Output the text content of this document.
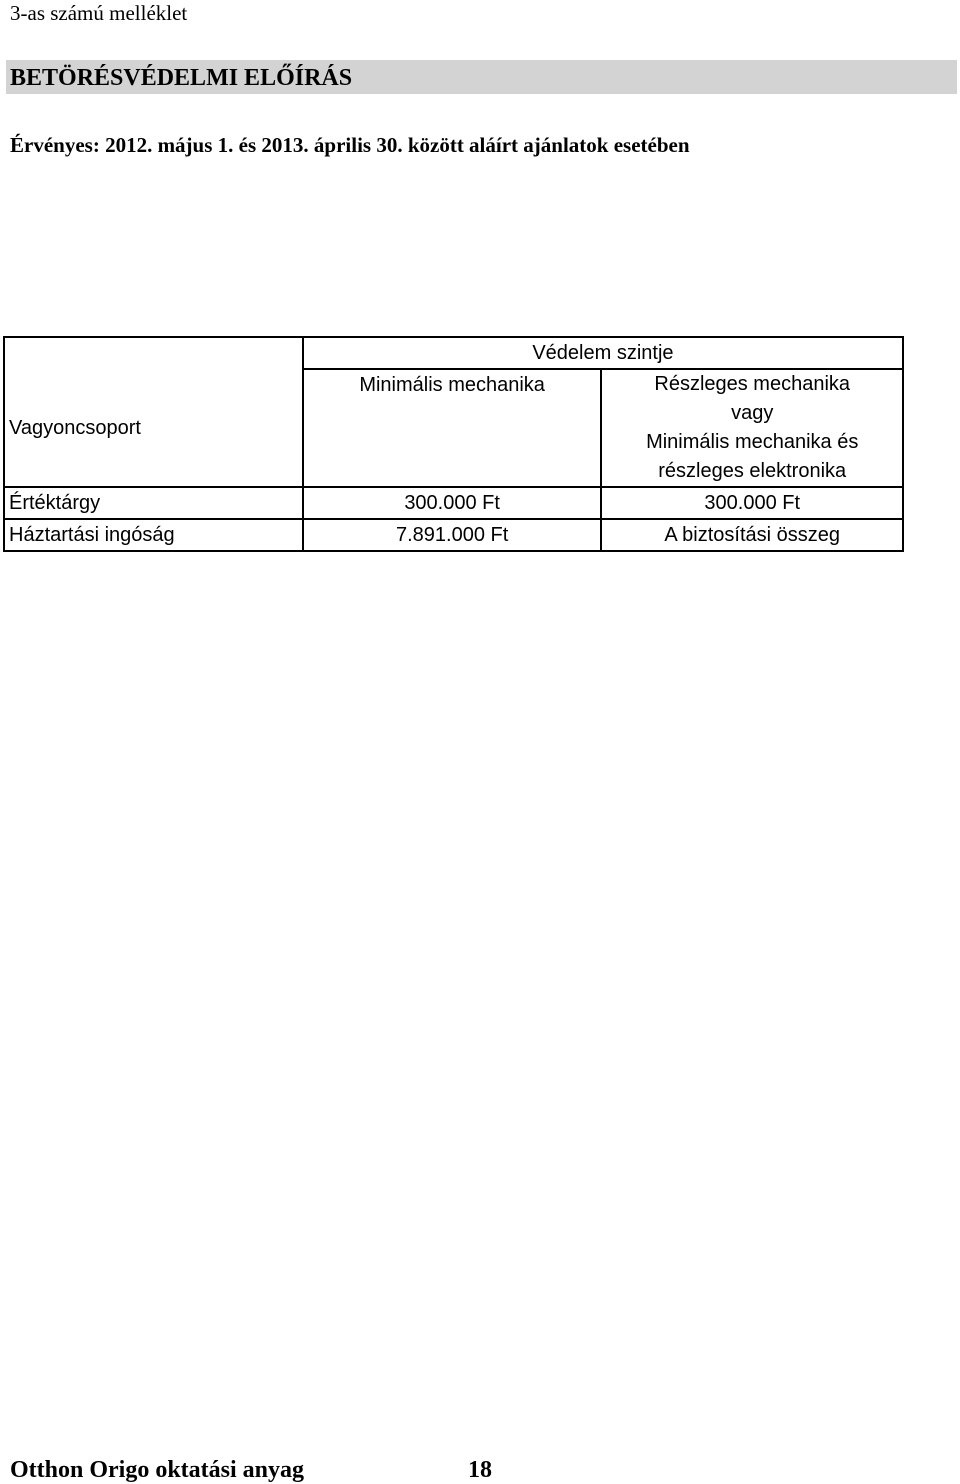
3-as számú melléklet
BETÖRÉSVÉDELMI ELŐÍRÁS
Érvényes: 2012. május 1. és 2013. április 30. között aláírt ajánlatok esetében
	Védelem szintje	
Vagyoncsoport	Minimális mechanika	Részleges mechanika
vagy
Minimális mechanika és
részleges elektronika

Értéktárgy	300.000 Ft	300.000 Ft
Háztartási ingóság	7.891.000 Ft	A biztosítási összeg
Otthon Origo oktatási anyag	18
